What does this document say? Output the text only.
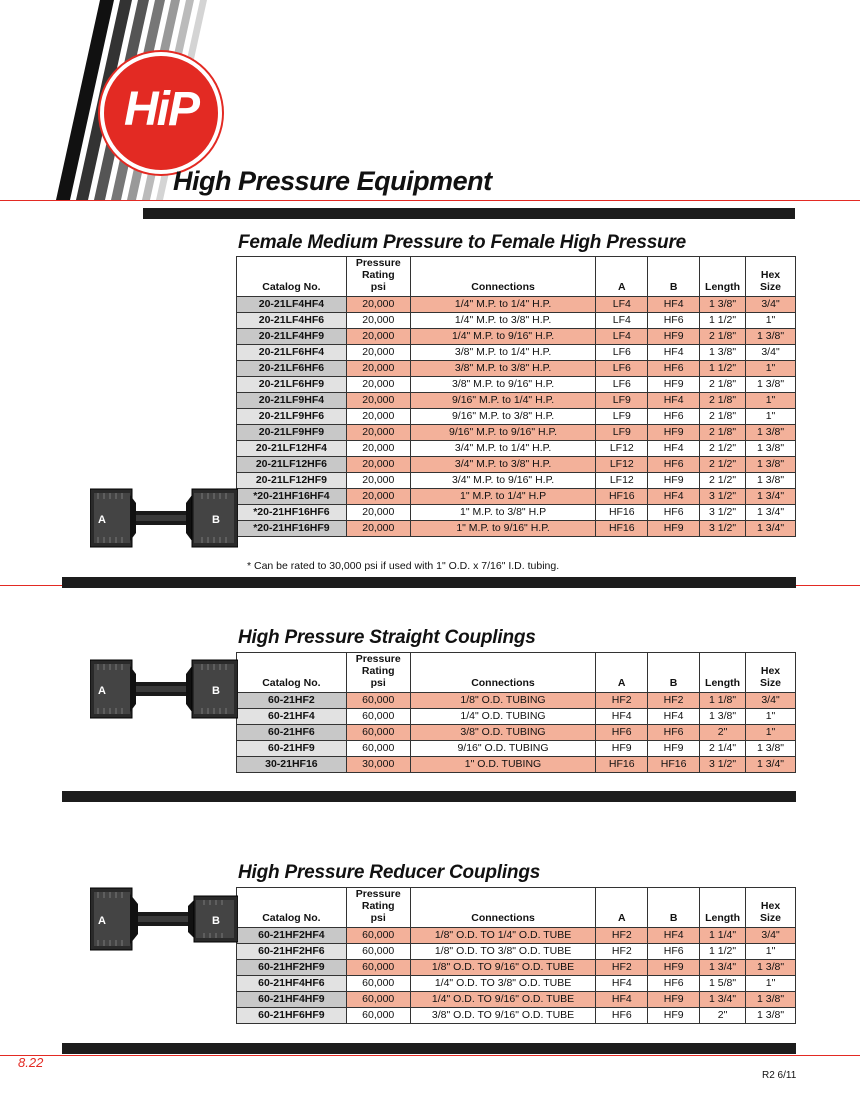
HiP
High Pressure Equipment
Female Medium Pressure to Female High Pressure
Catalog No.	Pressure
Rating
psi	Connections	A	B	Length	Hex
Size
20-21LF4HF4	20,000	1/4" M.P. to 1/4" H.P.	LF4	HF4	1 3/8"	3/4"
20-21LF4HF6	20,000	1/4" M.P. to 3/8" H.P.	LF4	HF6	1 1/2"	1"
20-21LF4HF9	20,000	1/4" M.P. to 9/16" H.P.	LF4	HF9	2 1/8"	1 3/8"
20-21LF6HF4	20,000	3/8" M.P. to 1/4" H.P.	LF6	HF4	1 3/8"	3/4"
20-21LF6HF6	20,000	3/8" M.P. to 3/8" H.P.	LF6	HF6	1 1/2"	1"
20-21LF6HF9	20,000	3/8" M.P. to 9/16" H.P.	LF6	HF9	2 1/8"	1 3/8"
20-21LF9HF4	20,000	9/16" M.P. to 1/4" H.P.	LF9	HF4	2 1/8"	1"
20-21LF9HF6	20,000	9/16" M.P. to 3/8" H.P.	LF9	HF6	2 1/8"	1"
20-21LF9HF9	20,000	9/16" M.P. to 9/16" H.P.	LF9	HF9	2 1/8"	1 3/8"
20-21LF12HF4	20,000	3/4" M.P. to 1/4" H.P.	LF12	HF4	2 1/2"	1 3/8"
20-21LF12HF6	20,000	3/4" M.P. to 3/8" H.P.	LF12	HF6	2 1/2"	1 3/8"
20-21LF12HF9	20,000	3/4" M.P. to 9/16" H.P.	LF12	HF9	2 1/2"	1 3/8"
*20-21HF16HF4	20,000	1" M.P. to 1/4" H.P	HF16	HF4	3 1/2"	1 3/4"
*20-21HF16HF6	20,000	1" M.P. to 3/8" H.P	HF16	HF6	3 1/2"	1 3/4"
*20-21HF16HF9	20,000	1" M.P. to 9/16" H.P.	HF16	HF9	3 1/2"	1 3/4"
* Can be rated to 30,000 psi if used with 1" O.D. x 7/16" I.D. tubing.
High Pressure Straight Couplings
Catalog No.	Pressure
Rating
psi	Connections	A	B	Length	Hex
Size
60-21HF2	60,000	1/8" O.D. TUBING	HF2	HF2	1 1/8"	3/4"
60-21HF4	60,000	1/4" O.D. TUBING	HF4	HF4	1 3/8"	1"
60-21HF6	60,000	3/8" O.D. TUBING	HF6	HF6	2"	1"
60-21HF9	60,000	9/16" O.D. TUBING	HF9	HF9	2 1/4"	1 3/8"
30-21HF16	30,000	1" O.D. TUBING	HF16	HF16	3 1/2"	1 3/4"
High Pressure Reducer Couplings
Catalog No.	Pressure
Rating
psi	Connections	A	B	Length	Hex
Size
60-21HF2HF4	60,000	1/8" O.D. TO 1/4" O.D. TUBE	HF2	HF4	1 1/4"	3/4"
60-21HF2HF6	60,000	1/8" O.D. TO 3/8" O.D. TUBE	HF2	HF6	1 1/2"	1"
60-21HF2HF9	60,000	1/8" O.D. TO 9/16" O.D. TUBE	HF2	HF9	1 3/4"	1 3/8"
60-21HF4HF6	60,000	1/4" O.D. TO 3/8" O.D. TUBE	HF4	HF6	1 5/8"	1"
60-21HF4HF9	60,000	1/4" O.D. TO 9/16" O.D. TUBE	HF4	HF9	1 3/4"	1 3/8"
60-21HF6HF9	60,000	3/8" O.D. TO 9/16" O.D. TUBE	HF6	HF9	2"	1 3/8"
A	B
A	B
A	B
8.22
R2 6/11
